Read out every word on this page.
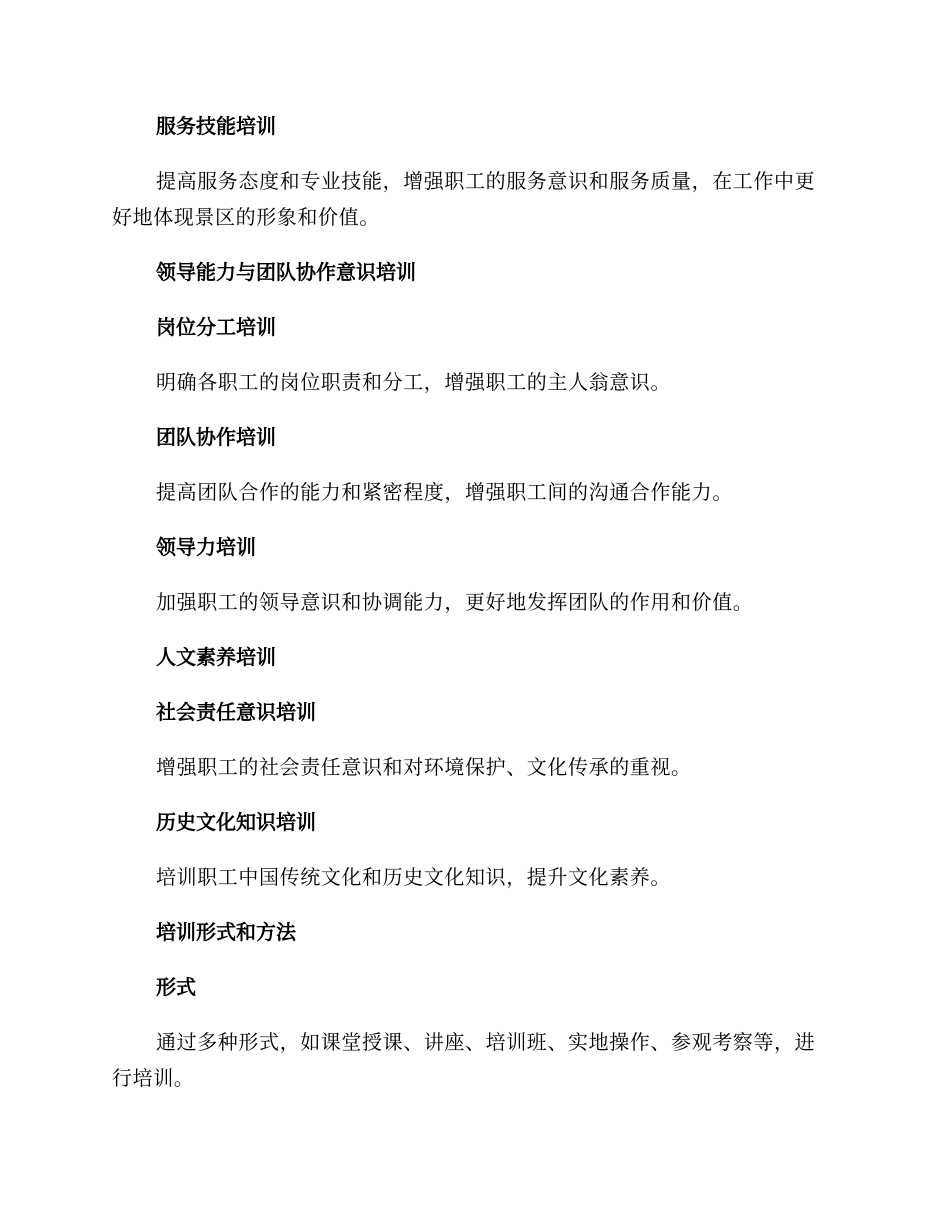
服务技能培训
提高服务态度和专业技能，增强职工的服务意识和服务质量，在工作中更好地体现景区的形象和价值。
领导能力与团队协作意识培训
岗位分工培训
明确各职工的岗位职责和分工，增强职工的主人翁意识。
团队协作培训
提高团队合作的能力和紧密程度，增强职工间的沟通合作能力。
领导力培训
加强职工的领导意识和协调能力，更好地发挥团队的作用和价值。
人文素养培训
社会责任意识培训
增强职工的社会责任意识和对环境保护、文化传承的重视。
历史文化知识培训
培训职工中国传统文化和历史文化知识，提升文化素养。
培训形式和方法
形式
通过多种形式，如课堂授课、讲座、培训班、实地操作、参观考察等，进行培训。
